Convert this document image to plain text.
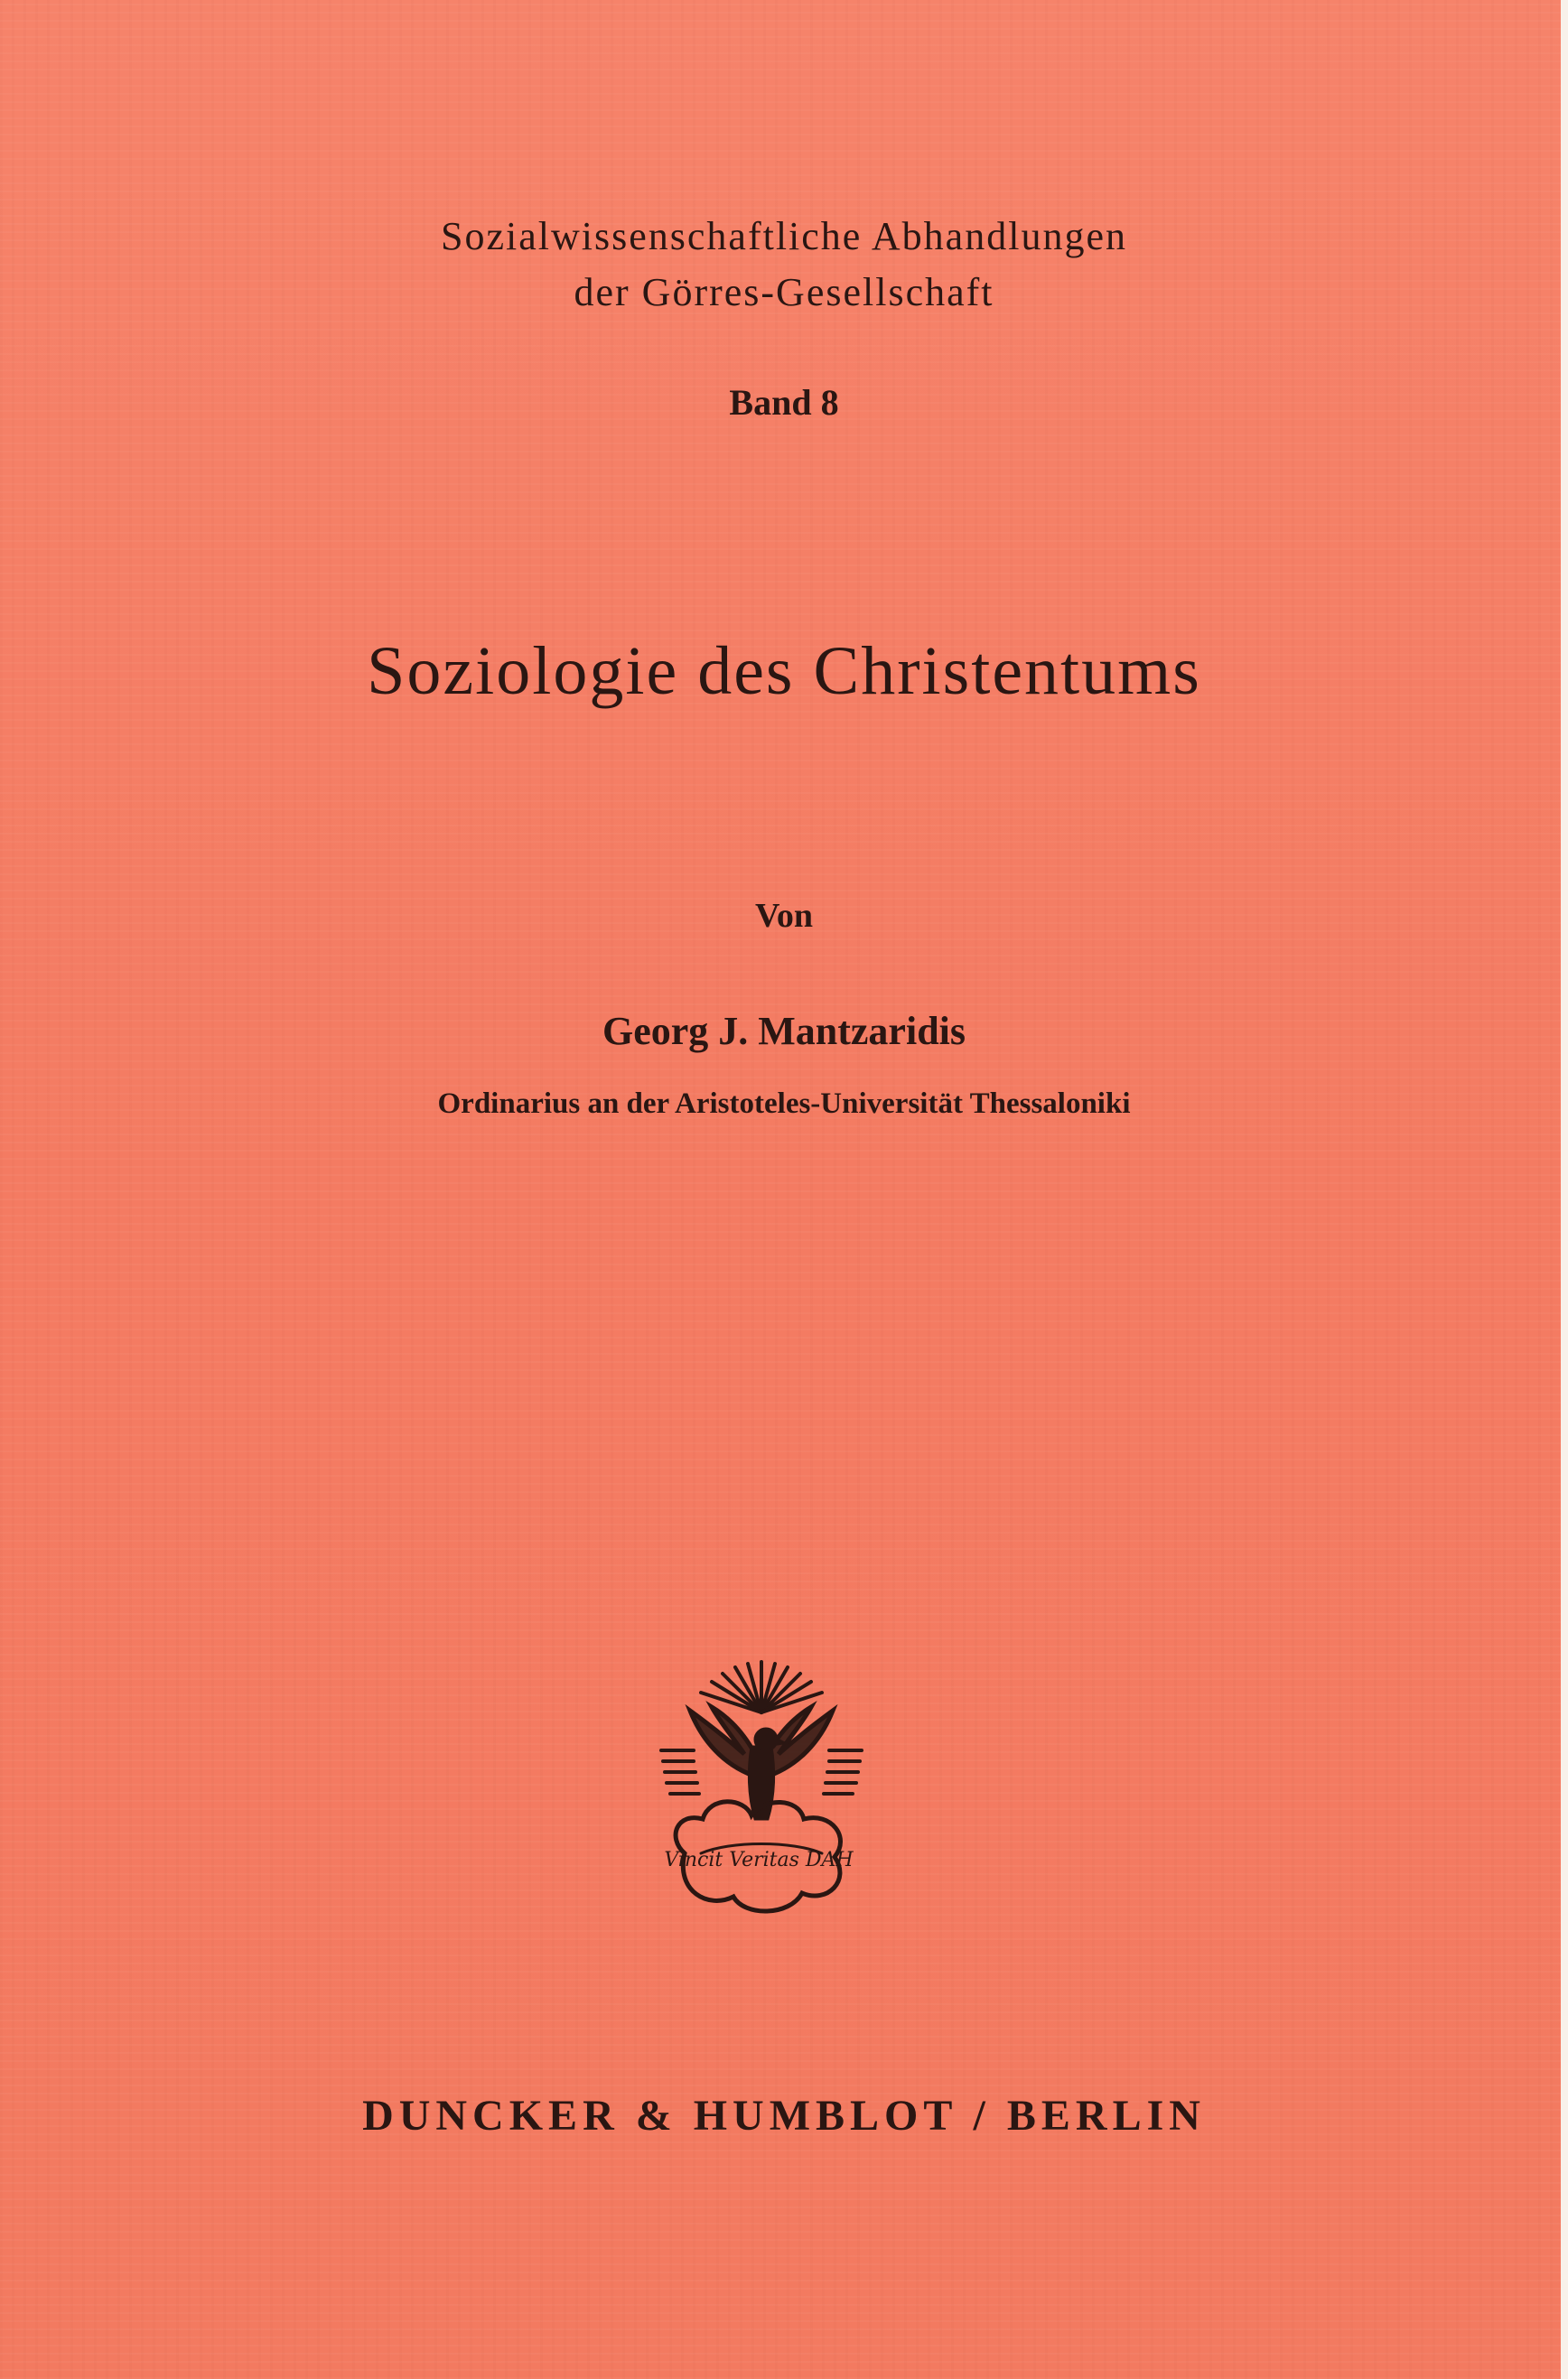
Sozialwissenschaftliche Abhandlungen
der Görres-Gesellschaft
Band 8
Soziologie des Christentums
Von
Georg J. Mantzaridis
Ordinarius an der Aristoteles-Universität Thessaloniki
Vincit Veritas DAH
DUNCKER & HUMBLOT / BERLIN
